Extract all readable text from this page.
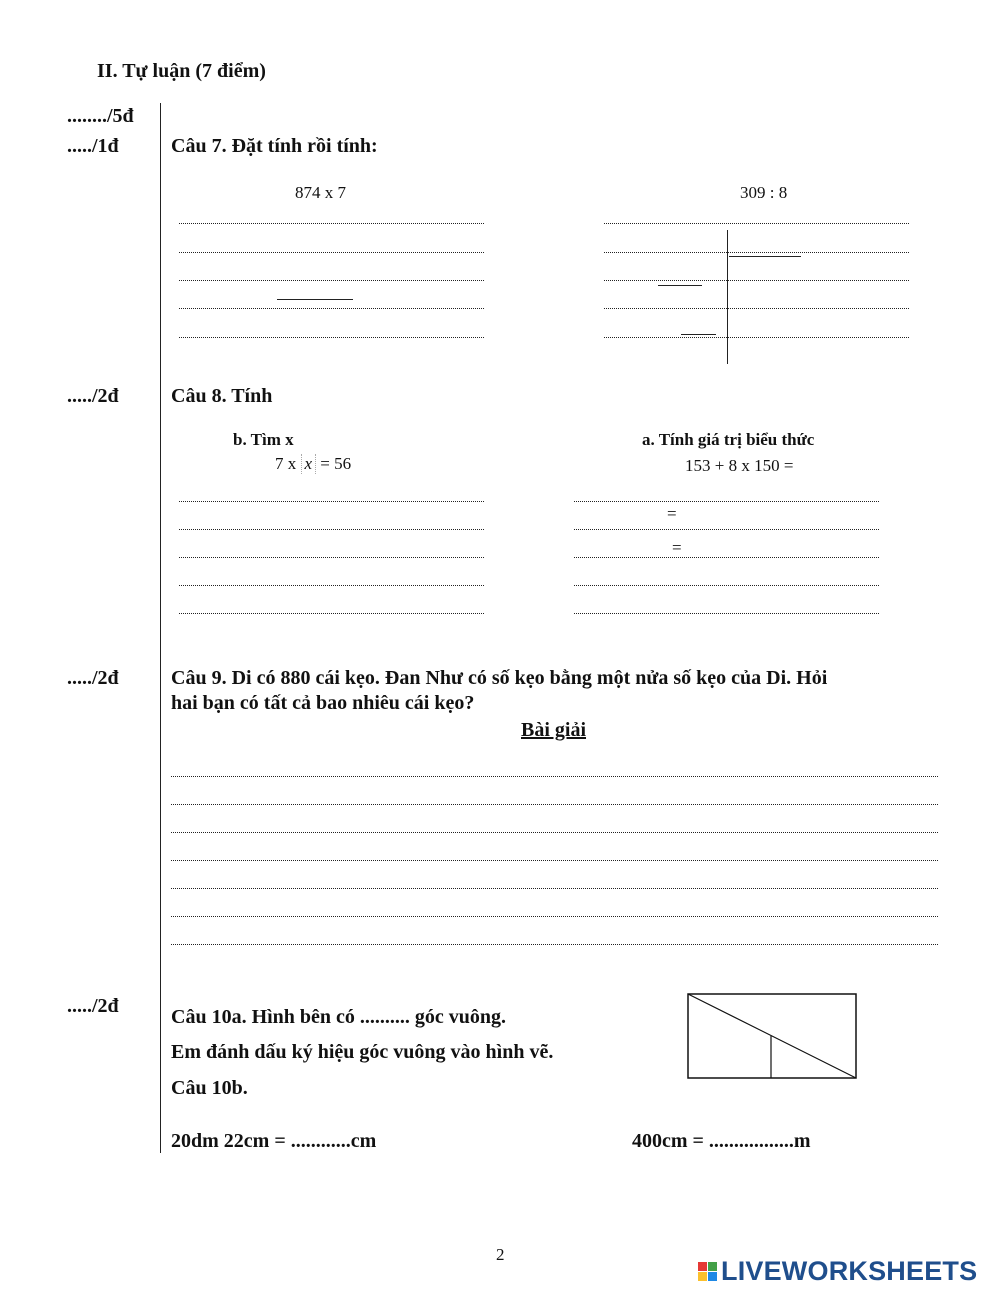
II. Tự luận (7 điểm)
......../5đ
...../1đ
...../2đ
...../2đ
...../2đ
Câu 7. Đặt tính rồi tính:
874 x 7	309 : 8
Câu 8. Tính
b. Tìm x
7 x x = 56
a. Tính giá trị biểu thức
153 + 8 x 150 =
=
=
Câu 9. Di có 880 cái kẹo. Đan Như có số kẹo bằng một nửa số kẹo của Di. Hỏi
hai bạn có tất cả bao nhiêu cái kẹo?
Bài giải
Câu 10a. Hình bên có .......... góc vuông.
Em đánh dấu ký hiệu góc vuông vào hình vẽ.
Câu 10b.
20dm 22cm = ............cm	400cm = .................m
2
LIVEWORKSHEETS
